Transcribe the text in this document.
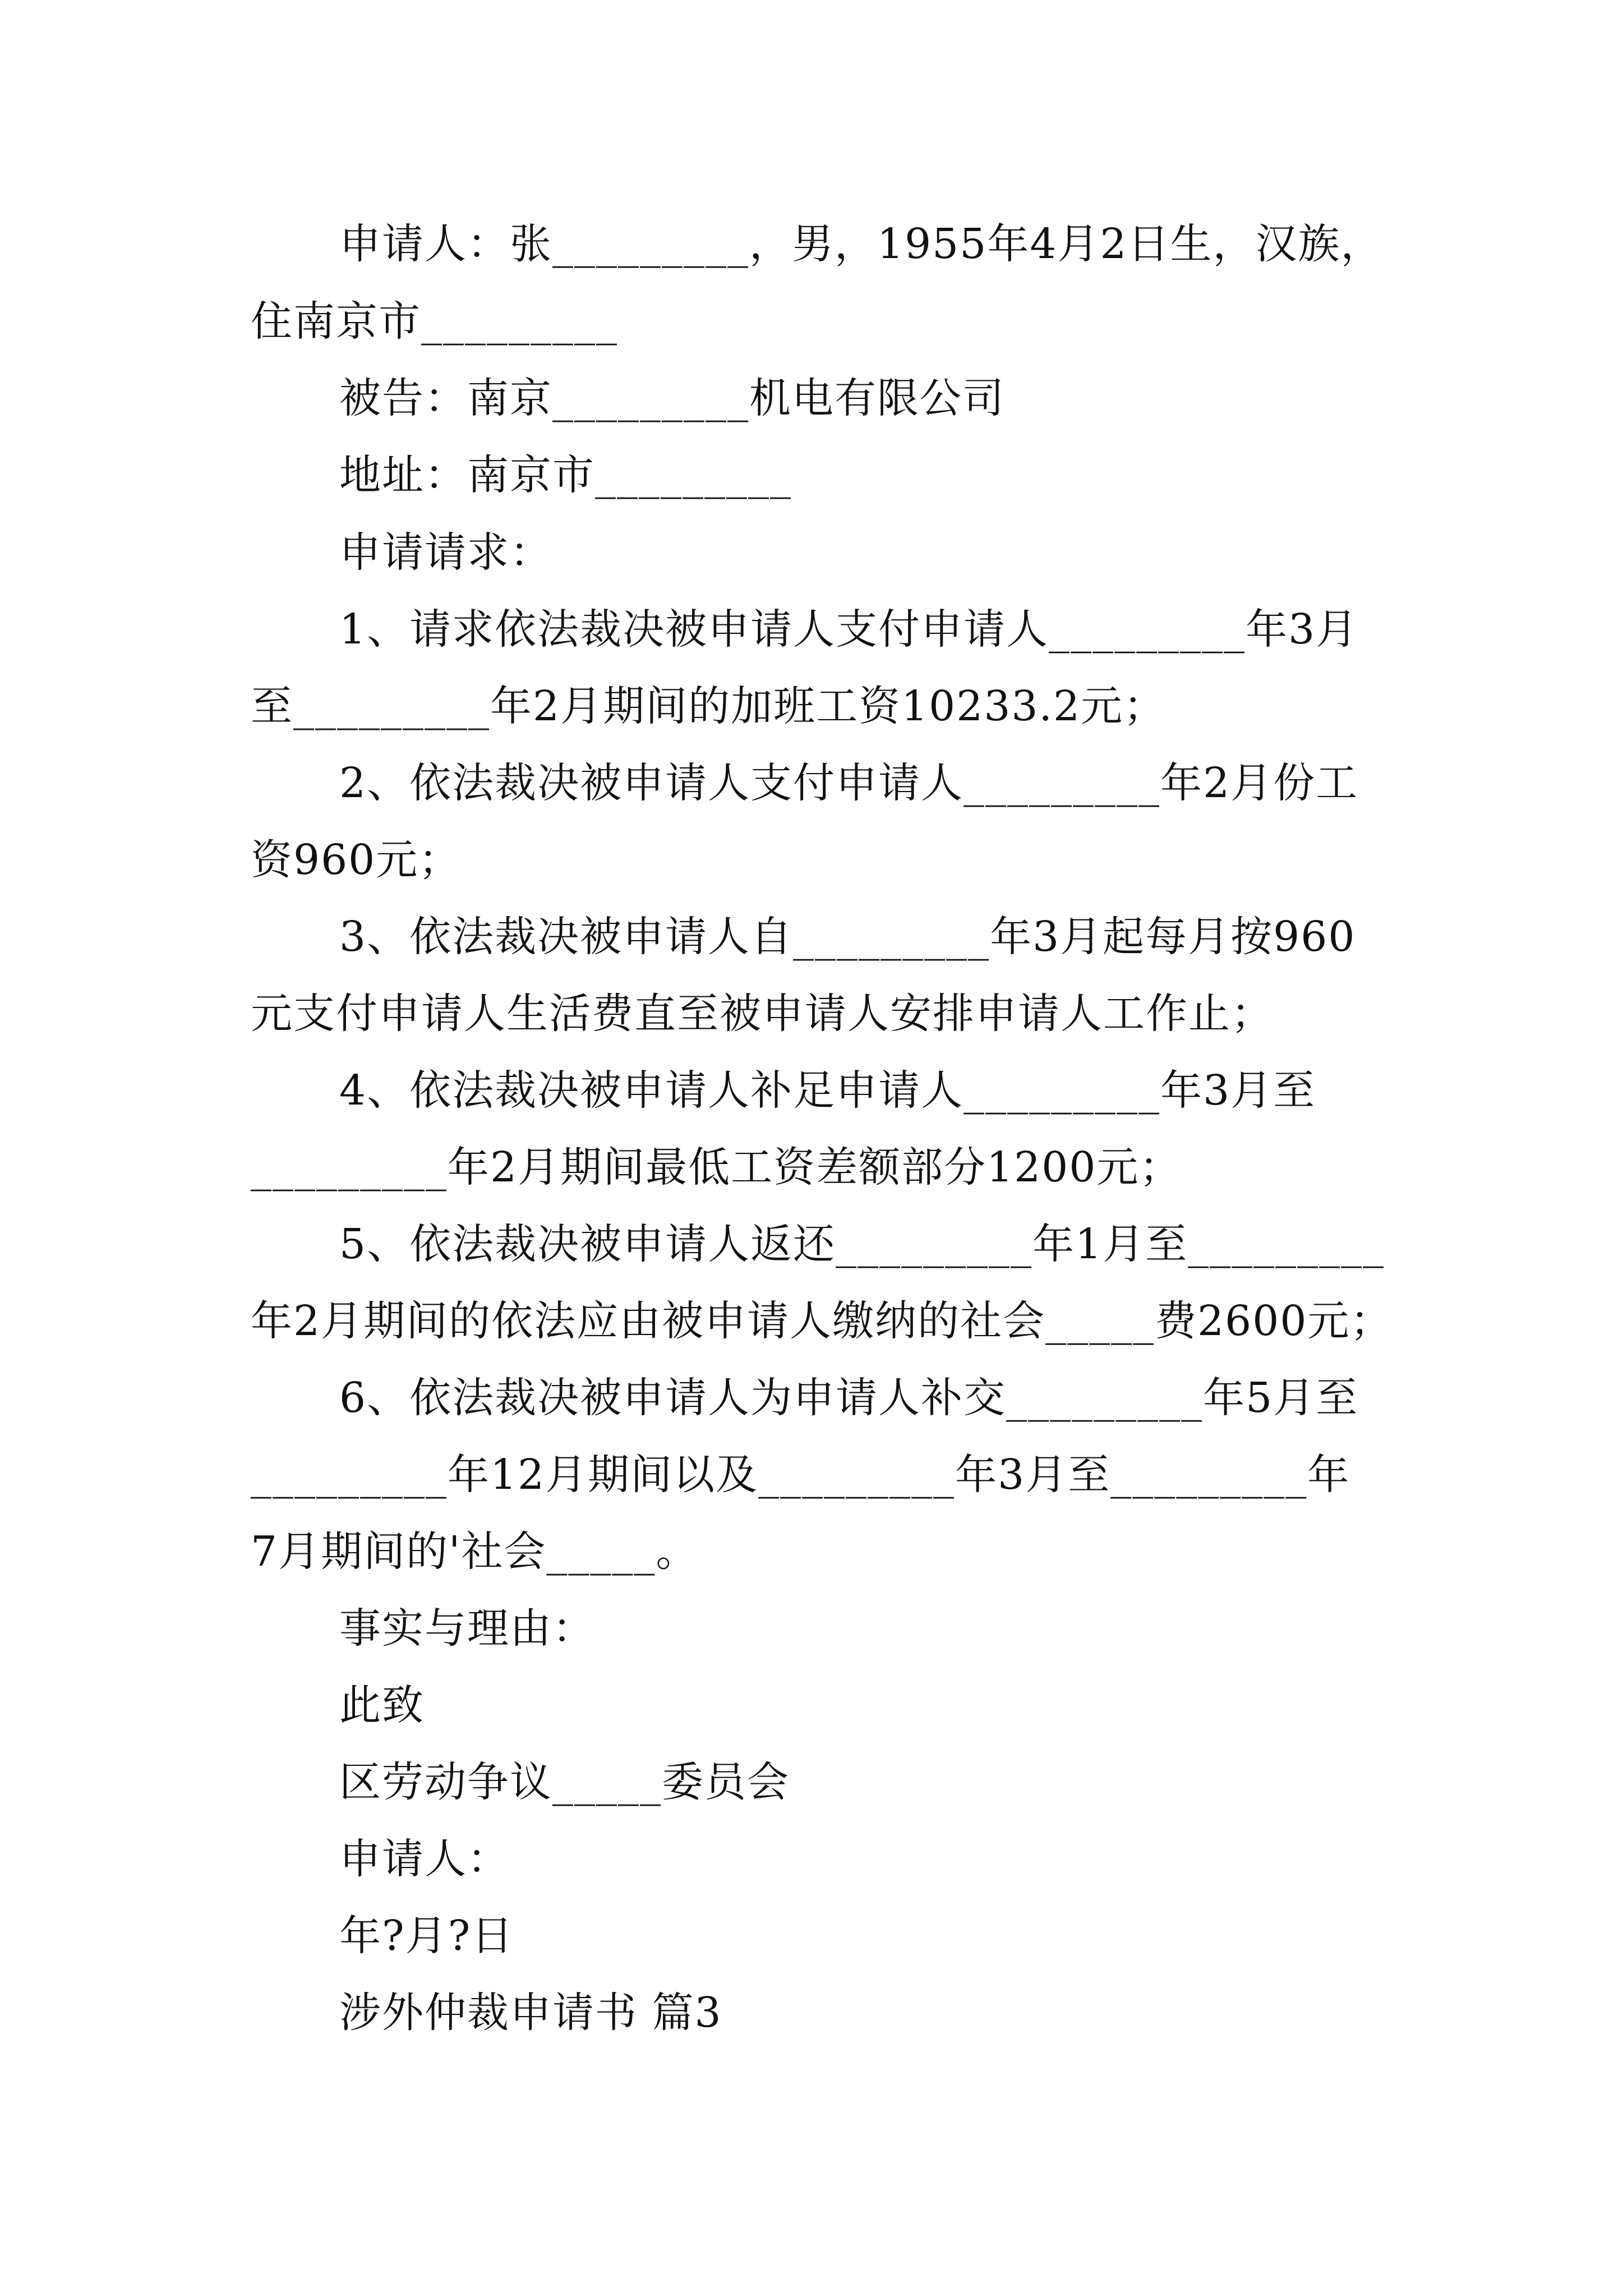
申请人：张_________，男，1955年4月2日生，汉族，
住南京市_________
被告：南京_________机电有限公司
地址：南京市_________
申请请求：
1、请求依法裁决被申请人支付申请人_________年3月
至_________年2月期间的加班工资10233.2元；
2、依法裁决被申请人支付申请人_________年2月份工
资960元；
3、依法裁决被申请人自_________年3月起每月按960
元支付申请人生活费直至被申请人安排申请人工作止；
4、依法裁决被申请人补足申请人_________年3月至
_________年2月期间最低工资差额部分1200元；
5、依法裁决被申请人返还_________年1月至_________
年2月期间的依法应由被申请人缴纳的社会_____费2600元；
6、依法裁决被申请人为申请人补交_________年5月至
_________年12月期间以及_________年3月至_________年
7月期间的'社会_____。
事实与理由：
此致
区劳动争议_____委员会
申请人：
年?月?日
涉外仲裁申请书 篇3
